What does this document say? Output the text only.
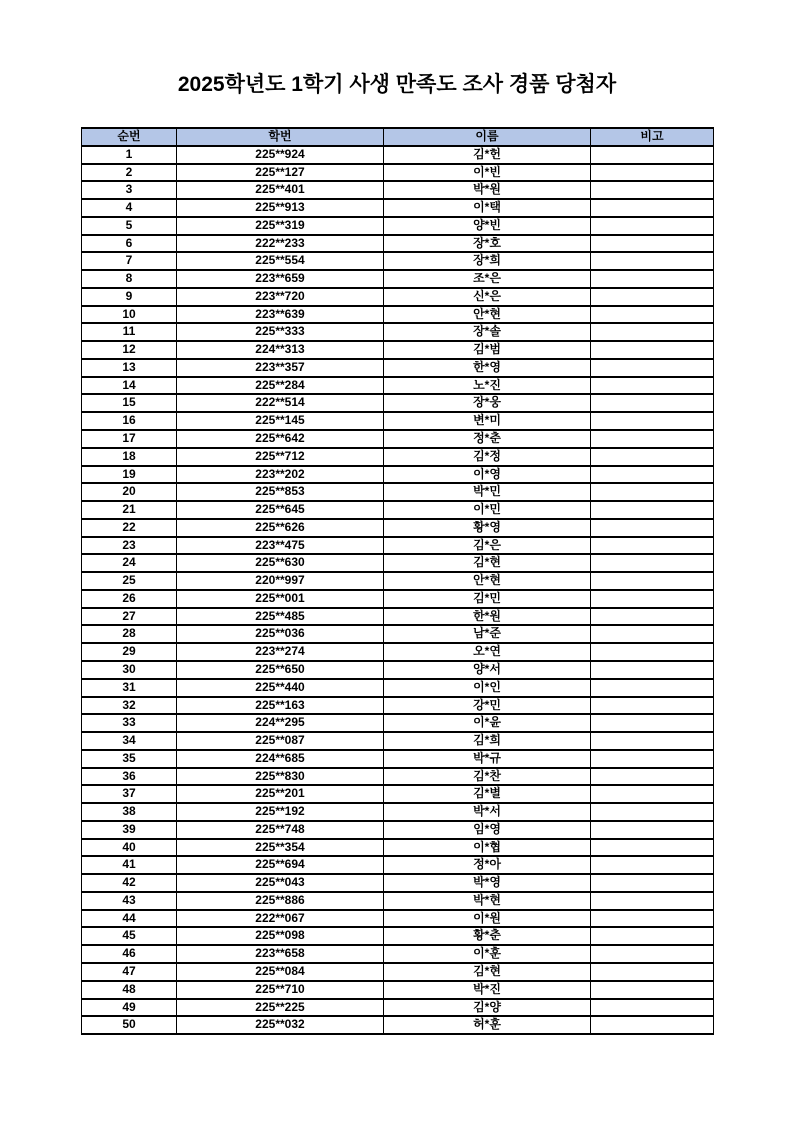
2025학년도 1학기 사생 만족도 조사 경품 당첨자
순번	학번	이름	비고
1	225**924	김*헌	
2	225**127	이*빈	
3	225**401	박*원	
4	225**913	이*택	
5	225**319	양*빈	
6	222**233	장*호	
7	225**554	장*희	
8	223**659	조*은	
9	223**720	신*은	
10	223**639	안*현	
11	225**333	장*솔	
12	224**313	김*범	
13	223**357	한*영	
14	225**284	노*진	
15	222**514	장*웅	
16	225**145	변*미	
17	225**642	정*춘	
18	225**712	김*정	
19	223**202	이*영	
20	225**853	박*민	
21	225**645	이*민	
22	225**626	황*영	
23	223**475	김*은	
24	225**630	김*현	
25	220**997	안*현	
26	225**001	김*민	
27	225**485	한*원	
28	225**036	남*준	
29	223**274	오*연	
30	225**650	양*서	
31	225**440	이*인	
32	225**163	강*민	
33	224**295	이*윤	
34	225**087	김*희	
35	224**685	박*규	
36	225**830	김*찬	
37	225**201	김*별	
38	225**192	박*서	
39	225**748	임*영	
40	225**354	이*협	
41	225**694	정*아	
42	225**043	박*영	
43	225**886	박*현	
44	222**067	이*원	
45	225**098	황*춘	
46	223**658	이*훈	
47	225**084	김*현	
48	225**710	박*진	
49	225**225	김*양	
50	225**032	허*훈	
